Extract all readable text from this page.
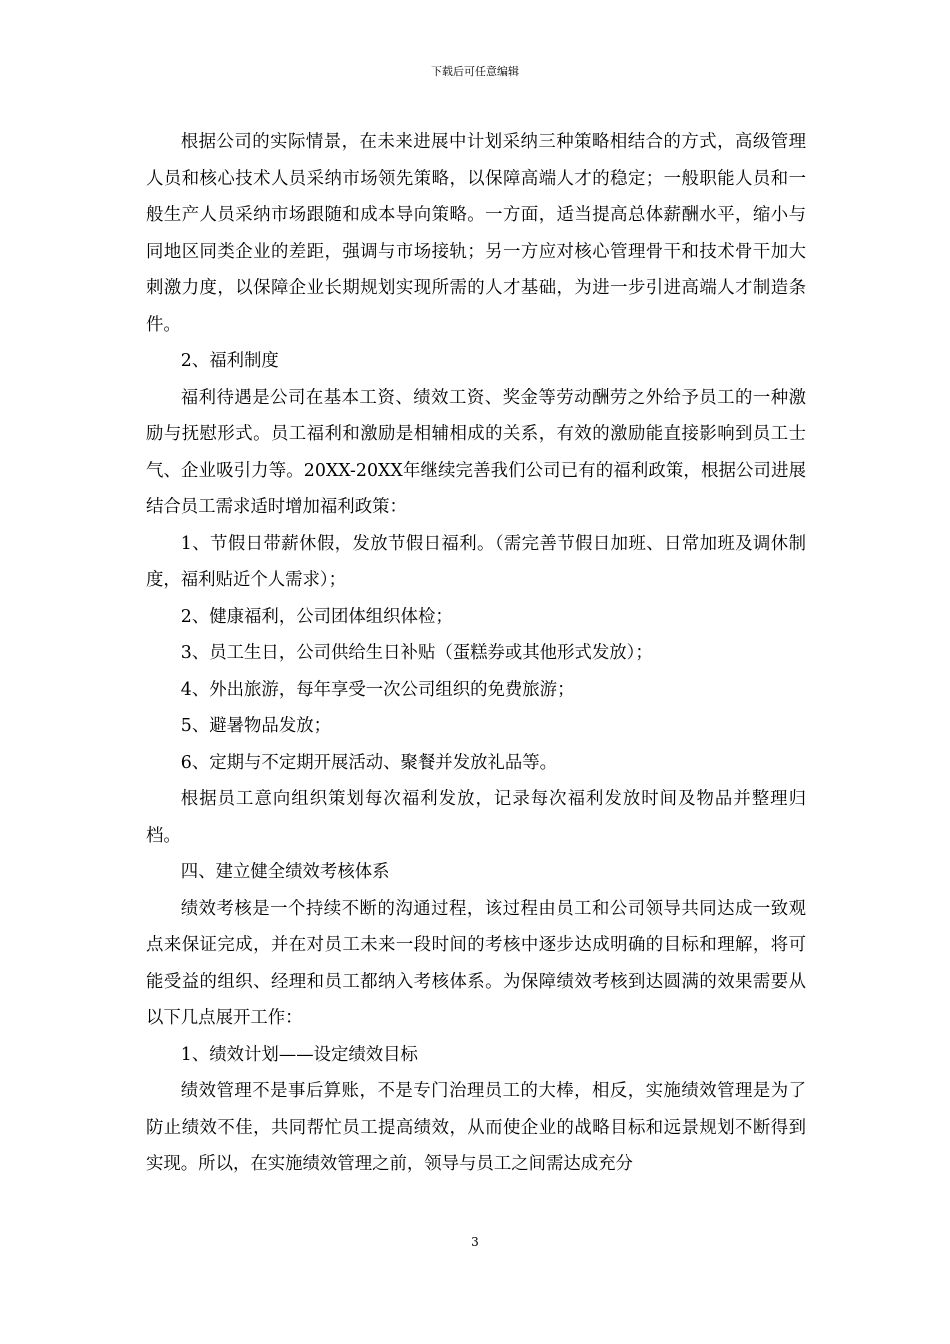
下载后可任意编辑

根据公司的实际情景，在未来进展中计划采纳三种策略相结合的方式，高级管理人员和核心技术人员采纳市场领先策略，以保障高端人才的稳定；一般职能人员和一般生产人员采纳市场跟随和成本导向策略。一方面，适当提高总体薪酬水平，缩小与同地区同类企业的差距，强调与市场接轨；另一方应对核心管理骨干和技术骨干加大刺激力度，以保障企业长期规划实现所需的人才基础，为进一步引进高端人才制造条件。

2、福利制度

福利待遇是公司在基本工资、绩效工资、奖金等劳动酬劳之外给予员工的一种激励与抚慰形式。员工福利和激励是相辅相成的关系，有效的激励能直接影响到员工士气、企业吸引力等。20XX-20XX年继续完善我们公司已有的福利政策，根据公司进展结合员工需求适时增加福利政策：

1、节假日带薪休假，发放节假日福利。（需完善节假日加班、日常加班及调休制度，福利贴近个人需求）；

2、健康福利，公司团体组织体检；

3、员工生日，公司供给生日补贴（蛋糕券或其他形式发放）；

4、外出旅游，每年享受一次公司组织的免费旅游；

5、避暑物品发放；

6、定期与不定期开展活动、聚餐并发放礼品等。

根据员工意向组织策划每次福利发放，记录每次福利发放时间及物品并整理归档。

四、建立健全绩效考核体系

绩效考核是一个持续不断的沟通过程，该过程由员工和公司领导共同达成一致观点来保证完成，并在对员工未来一段时间的考核中逐步达成明确的目标和理解，将可能受益的组织、经理和员工都纳入考核体系。为保障绩效考核到达圆满的效果需要从以下几点展开工作：

1、绩效计划——设定绩效目标

绩效管理不是事后算账，不是专门治理员工的大棒，相反，实施绩效管理是为了防止绩效不佳，共同帮忙员工提高绩效，从而使企业的战略目标和远景规划不断得到实现。所以，在实施绩效管理之前，领导与员工之间需达成充分

3
